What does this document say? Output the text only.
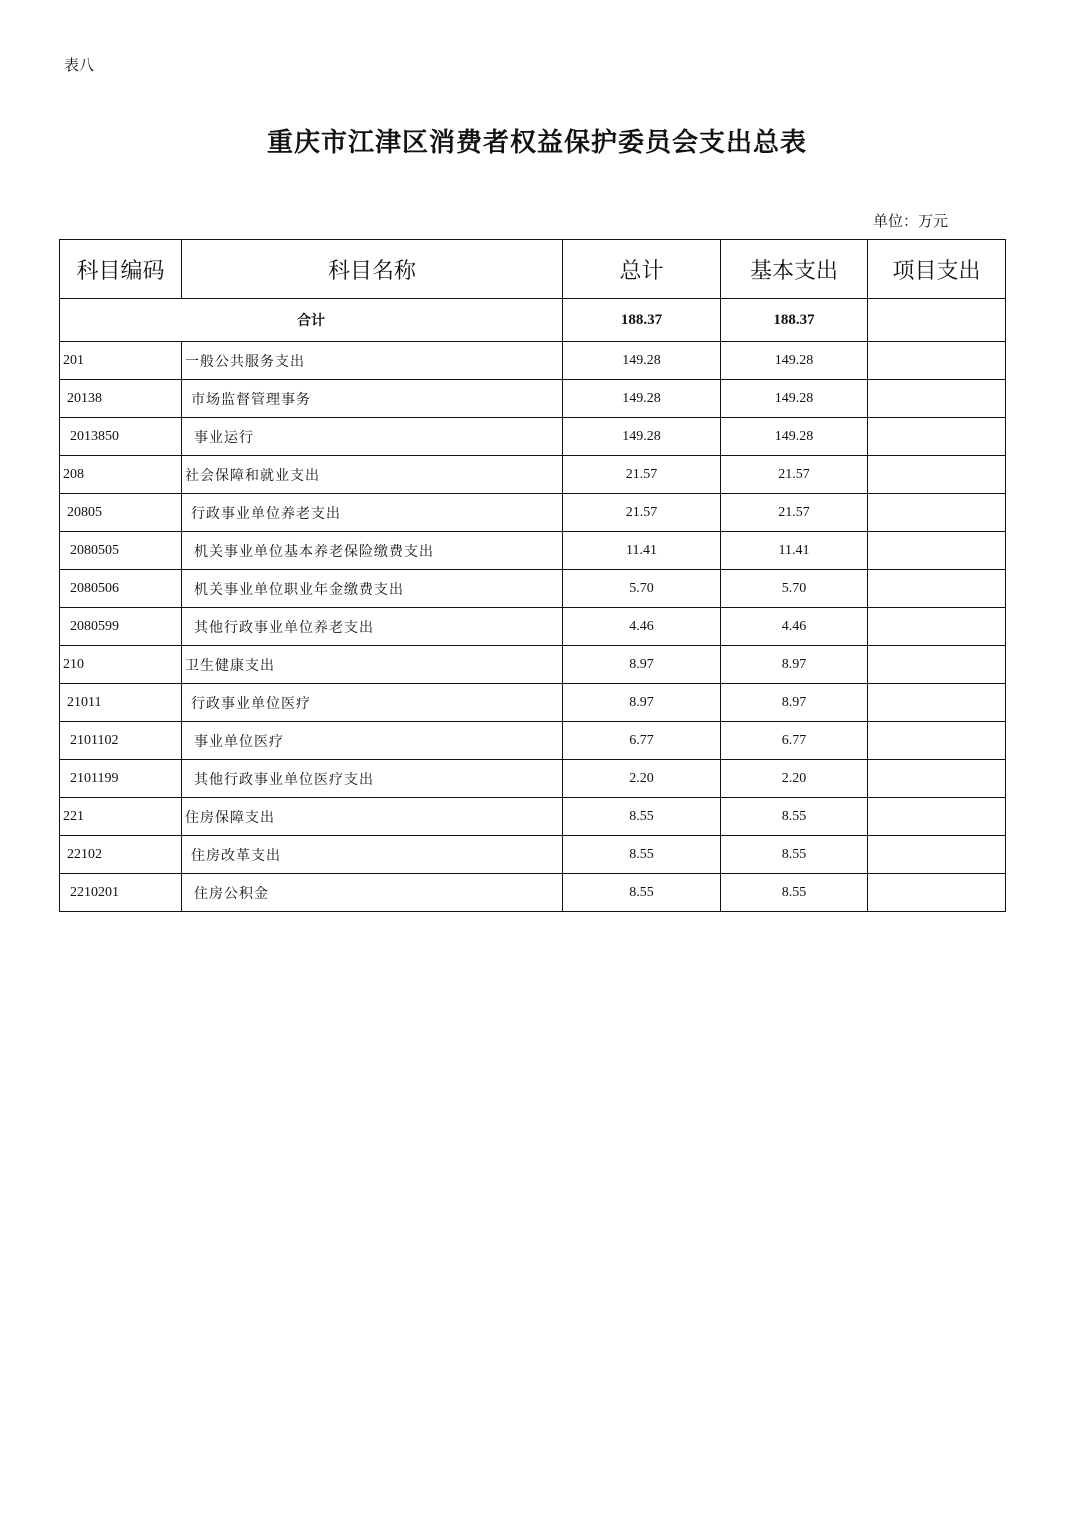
表八
重庆市江津区消费者权益保护委员会支出总表
单位：万元
科目编码	科目名称	总计	基本支出	项目支出
合计		188.37	188.37	
201	一般公共服务支出	149.28	149.28	
20138	市场监督管理事务	149.28	149.28	
2013850	事业运行	149.28	149.28	
208	社会保障和就业支出	21.57	21.57	
20805	行政事业单位养老支出	21.57	21.57	
2080505	机关事业单位基本养老保险缴费支出	11.41	11.41	
2080506	机关事业单位职业年金缴费支出	5.70	5.70	
2080599	其他行政事业单位养老支出	4.46	4.46	
210	卫生健康支出	8.97	8.97	
21011	行政事业单位医疗	8.97	8.97	
2101102	事业单位医疗	6.77	6.77	
2101199	其他行政事业单位医疗支出	2.20	2.20	
221	住房保障支出	8.55	8.55	
22102	住房改革支出	8.55	8.55	
2210201	住房公积金	8.55	8.55	
